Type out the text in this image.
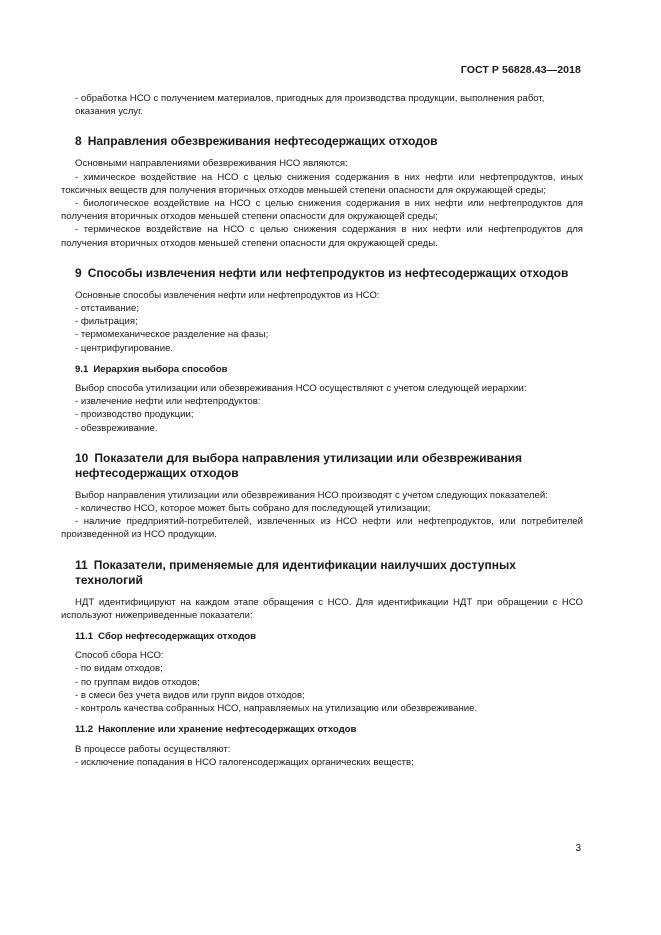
ГОСТ Р 56828.43—2018

- обработка НСО с получением материалов, пригодных для производства продукции, выполнения работ, оказания услуг.

8 Направления обезвреживания нефтесодержащих отходов

Основными направлениями обезвреживания НСО являются:

- химическое воздействие на НСО с целью снижения содержания в них нефти или нефтепродуктов, иных токсичных веществ для получения вторичных отходов меньшей степени опасности для окружающей среды;

- биологическое воздействие на НСО с целью снижения содержания в них нефти или нефтепродуктов для получения вторичных отходов меньшей степени опасности для окружающей среды;

- термическое воздействие на НСО с целью снижения содержания в них нефти или нефтепродуктов для получения вторичных отходов меньшей степени опасности для окружающей среды.

9 Способы извлечения нефти или нефтепродуктов из нефтесодержащих отходов

Основные способы извлечения нефти или нефтепродуктов из НСО:

- отстаивание;

- фильтрация;

- термомеханическое разделение на фазы;

- центрифугирование.

9.1 Иерархия выбора способов

Выбор способа утилизации или обезвреживания НСО осуществляют с учетом следующей иерархии:

- извлечение нефти или нефтепродуктов:

- производство продукции;

- обезвреживание.

10 Показатели для выбора направления утилизации или обезвреживания нефтесодержащих отходов

Выбор направления утилизации или обезвреживания НСО производят с учетом следующих показателей:

- количество НСО, которое может быть собрано для последующей утилизации;

- наличие предприятий-потребителей, извлеченных из НСО нефти или нефтепродуктов, или потребителей произведенной из НСО продукции.

11 Показатели, применяемые для идентификации наилучших доступных технологий

НДТ идентифицируют на каждом этапе обращения с НСО. Для идентификации НДТ при обращении с НСО используют нижеприведенные показатели:

11.1 Сбор нефтесодержащих отходов

Способ сбора НСО:

- по видам отходов;

- по группам видов отходов;

- в смеси без учета видов или групп видов отходов;

- контроль качества собранных НСО, направляемых на утилизацию или обезвреживание.

11.2 Накопление или хранение нефтесодержащих отходов

В процессе работы осуществляют:

- исключение попадания в НСО галогенсодержащих органических веществ;

3
